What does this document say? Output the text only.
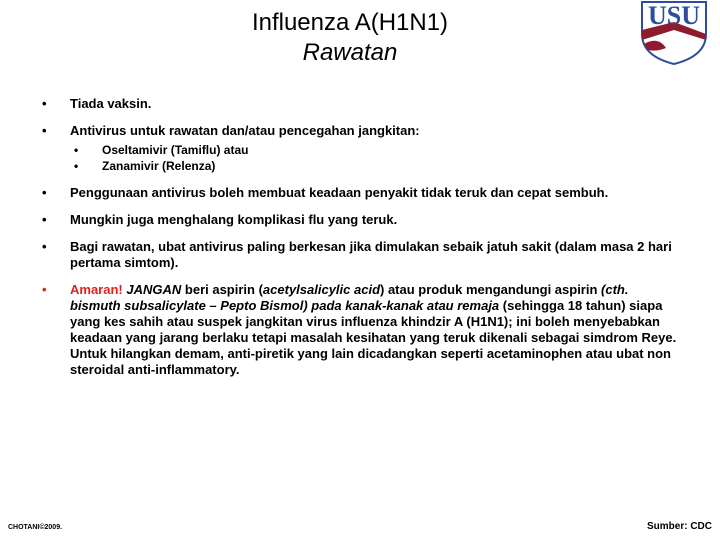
Influenza A(H1N1)
Rawatan
USU
• Tiada vaksin.
• Antivirus untuk rawatan dan/atau pencegahan jangkitan:
• Oseltamivir (Tamiflu) atau
• Zanamivir (Relenza)
• Penggunaan antivirus boleh membuat keadaan penyakit tidak teruk dan cepat sembuh.
• Mungkin juga menghalang komplikasi flu yang teruk.
• Bagi rawatan, ubat antivirus paling berkesan jika dimulakan sebaik jatuh sakit (dalam masa 2 hari pertama simtom).
• Amaran! JANGAN beri aspirin (acetylsalicylic acid) atau produk mengandungi aspirin (cth. bismuth subsalicylate – Pepto Bismol) pada kanak-kanak atau remaja (sehingga 18 tahun) siapa yang kes sahih atau suspek jangkitan virus influenza khindzir A (H1N1); ini boleh menyebabkan keadaan yang jarang berlaku tetapi masalah kesihatan yang teruk dikenali sebagai simdrom Reye. Untuk hilangkan demam, anti-piretik yang lain dicadangkan seperti acetaminophen atau ubat non steroidal anti-inflammatory.
CHOTANI©2009.	Sumber: CDC
